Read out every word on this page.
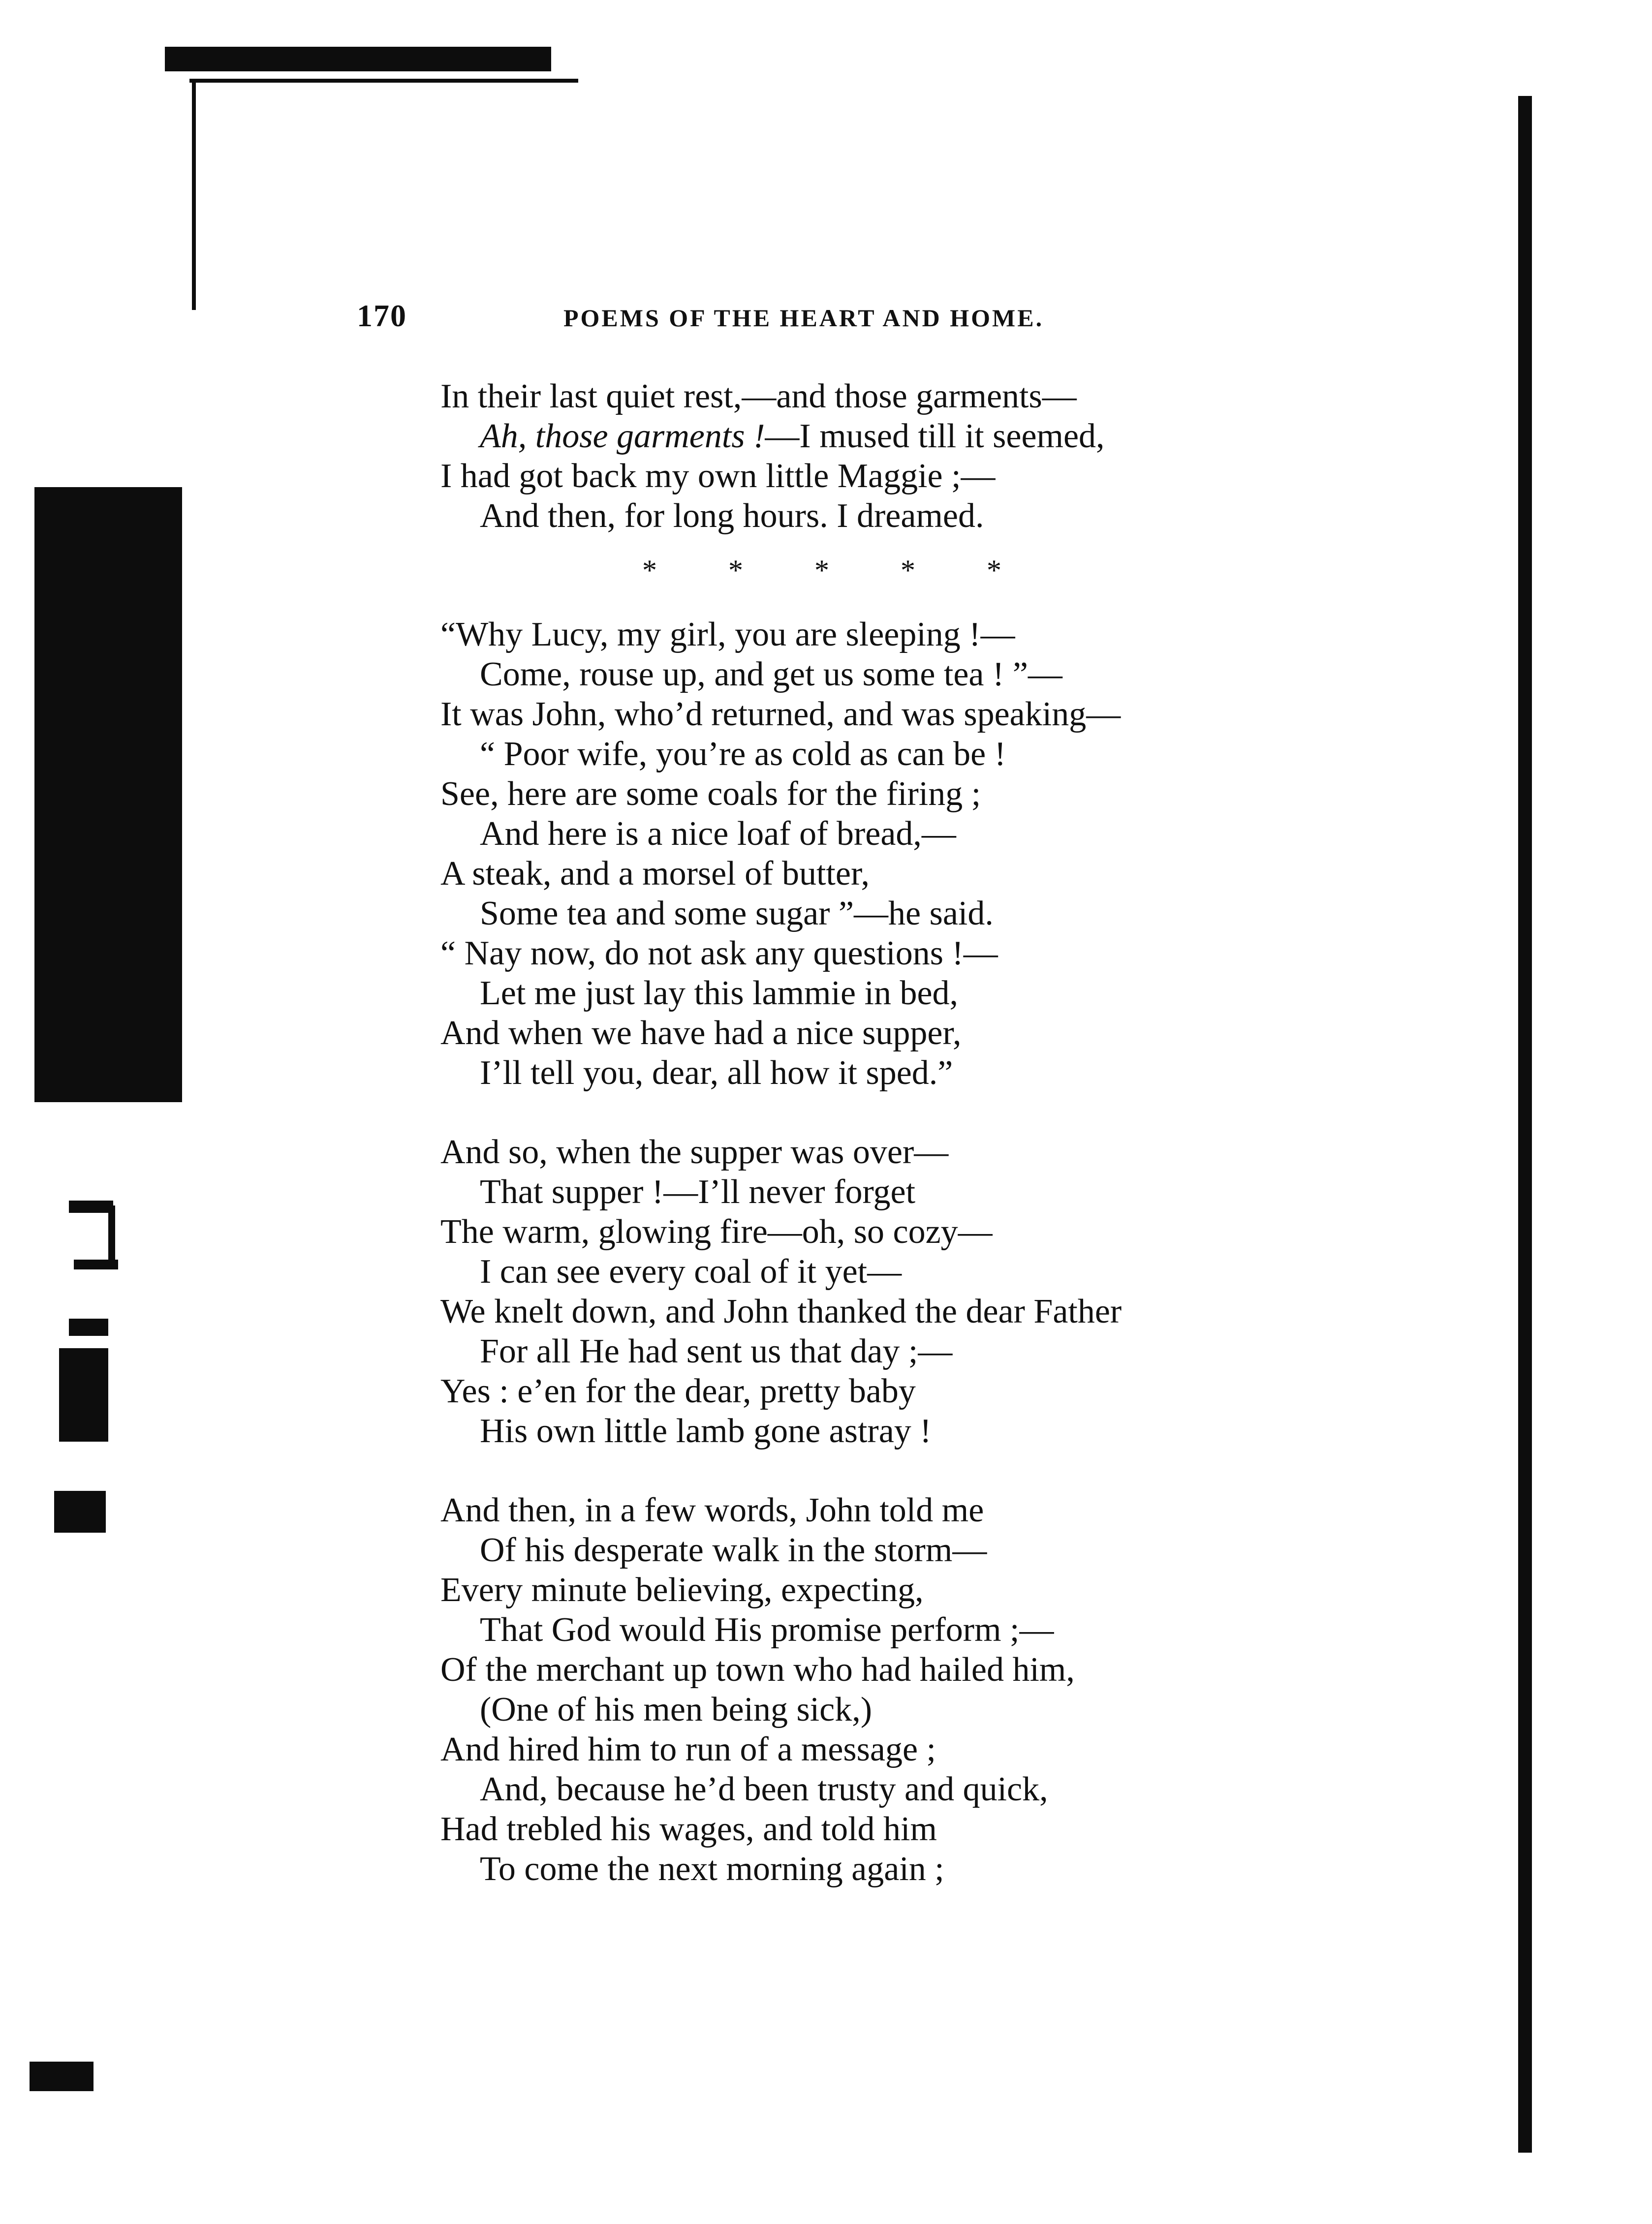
170	POEMS OF THE HEART AND HOME.
In their last quiet rest,—and those garments—
Ah, those garments !—I mused till it seemed,
I had got back my own little Maggie ;—
And then, for long hours. I dreamed.
* * * * *
“Why Lucy, my girl, you are sleeping !—
Come, rouse up, and get us some tea ! ”—
It was John, who’d returned, and was speaking—
“ Poor wife, you’re as cold as can be !
See, here are some coals for the firing ;
And here is a nice loaf of bread,—
A steak, and a morsel of butter,
Some tea and some sugar ”—he said.
“ Nay now, do not ask any questions !—
Let me just lay this lammie in bed,
And when we have had a nice supper,
I’ll tell you, dear, all how it sped.”
And so, when the supper was over—
That supper !—I’ll never forget
The warm, glowing fire—oh, so cozy—
I can see every coal of it yet—
We knelt down, and John thanked the dear Father
For all He had sent us that day ;—
Yes : e’en for the dear, pretty baby
His own little lamb gone astray !
And then, in a few words, John told me
Of his desperate walk in the storm—
Every minute believing, expecting,
That God would His promise perform ;—
Of the merchant up town who had hailed him,
(One of his men being sick,)
And hired him to run of a message ;
And, because he’d been trusty and quick,
Had trebled his wages, and told him
To come the next morning again ;
